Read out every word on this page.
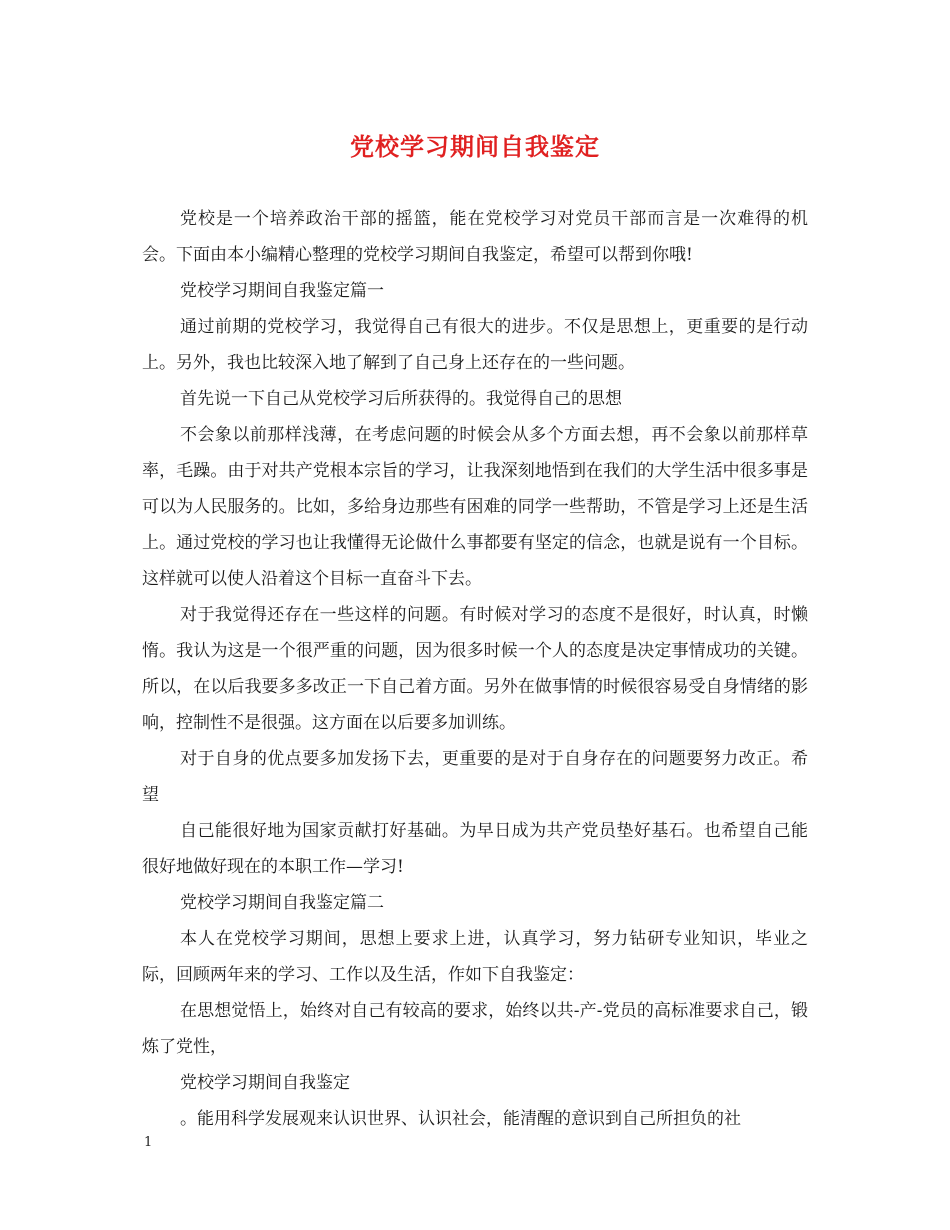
党校学习期间自我鉴定

党校是一个培养政治干部的摇篮，能在党校学习对党员干部而言是一次难得的机会。下面由本小编精心整理的党校学习期间自我鉴定，希望可以帮到你哦!

党校学习期间自我鉴定篇一

通过前期的党校学习，我觉得自己有很大的进步。不仅是思想上，更重要的是行动上。另外，我也比较深入地了解到了自己身上还存在的一些问题。

首先说一下自己从党校学习后所获得的。我觉得自己的思想

不会象以前那样浅薄，在考虑问题的时候会从多个方面去想，再不会象以前那样草率，毛躁。由于对共产党根本宗旨的学习，让我深刻地悟到在我们的大学生活中很多事是可以为人民服务的。比如，多给身边那些有困难的同学一些帮助，不管是学习上还是生活上。通过党校的学习也让我懂得无论做什么事都要有坚定的信念，也就是说有一个目标。这样就可以使人沿着这个目标一直奋斗下去。

对于我觉得还存在一些这样的问题。有时候对学习的态度不是很好，时认真，时懒惰。我认为这是一个很严重的问题，因为很多时候一个人的态度是决定事情成功的关键。所以，在以后我要多多改正一下自己着方面。另外在做事情的时候很容易受自身情绪的影响，控制性不是很强。这方面在以后要多加训练。

对于自身的优点要多加发扬下去，更重要的是对于自身存在的问题要努力改正。希望

自己能很好地为国家贡献打好基础。为早日成为共产党员垫好基石。也希望自己能很好地做好现在的本职工作—学习!

党校学习期间自我鉴定篇二

本人在党校学习期间，思想上要求上进，认真学习，努力钻研专业知识，毕业之际，回顾两年来的学习、工作以及生活，作如下自我鉴定：

在思想觉悟上，始终对自己有较高的要求，始终以共-产-党员的高标准要求自己，锻炼了党性，

党校学习期间自我鉴定

。能用科学发展观来认识世界、认识社会，能清醒的意识到自己所担负的社

1
